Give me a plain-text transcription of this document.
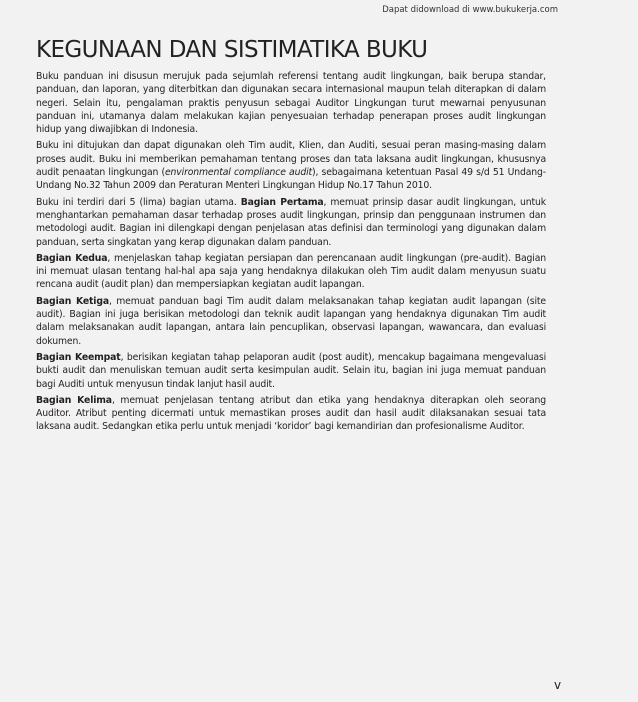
Dapat didownload di www.bukukerja.com
KEGUNAAN DAN SISTIMATIKA BUKU

Buku panduan ini disusun merujuk pada sejumlah referensi tentang audit lingkungan, baik berupa standar, panduan, dan laporan, yang diterbitkan dan digunakan secara internasional maupun telah diterapkan di dalam negeri. Selain itu, pengalaman praktis penyusun sebagai Auditor Lingkungan turut mewarnai penyusunan panduan ini, utamanya dalam melakukan kajian penyesuaian terhadap penerapan proses audit lingkungan hidup yang diwajibkan di Indonesia.

Buku ini ditujukan dan dapat digunakan oleh Tim audit, Klien, dan Auditi, sesuai peran masing-masing dalam proses audit. Buku ini memberikan pemahaman tentang proses dan tata laksana audit lingkungan, khususnya audit penaatan lingkungan (environmental compliance audit), sebagaimana ketentuan Pasal 49 s/d 51 Undang-Undang No.32 Tahun 2009 dan Peraturan Menteri Lingkungan Hidup No.17 Tahun 2010.

Buku ini terdiri dari 5 (lima) bagian utama. Bagian Pertama, memuat prinsip dasar audit lingkungan, untuk menghantarkan pemahaman dasar terhadap proses audit lingkungan, prinsip dan penggunaan instrumen dan metodologi audit. Bagian ini dilengkapi dengan penjelasan atas definisi dan terminologi yang digunakan dalam panduan, serta singkatan yang kerap digunakan dalam panduan.

Bagian Kedua, menjelaskan tahap kegiatan persiapan dan perencanaan audit lingkungan (pre-audit). Bagian ini memuat ulasan tentang hal-hal apa saja yang hendaknya dilakukan oleh Tim audit dalam menyusun suatu rencana audit (audit plan) dan mempersiapkan kegiatan audit lapangan.

Bagian Ketiga, memuat panduan bagi Tim audit dalam melaksanakan tahap kegiatan audit lapangan (site audit). Bagian ini juga berisikan metodologi dan teknik audit lapangan yang hendaknya digunakan Tim audit dalam melaksanakan audit lapangan, antara lain pencuplikan, observasi lapangan, wawancara, dan evaluasi dokumen.

Bagian Keempat, berisikan kegiatan tahap pelaporan audit (post audit), mencakup bagaimana mengevaluasi bukti audit dan menuliskan temuan audit serta kesimpulan audit. Selain itu, bagian ini juga memuat panduan bagi Auditi untuk menyusun tindak lanjut hasil audit.

Bagian Kelima, memuat penjelasan tentang atribut dan etika yang hendaknya diterapkan oleh seorang Auditor. Atribut penting dicermati untuk memastikan proses audit dan hasil audit dilaksanakan sesuai tata laksana audit. Sedangkan etika perlu untuk menjadi ‘koridor’ bagi kemandirian dan profesionalisme Auditor.

v
